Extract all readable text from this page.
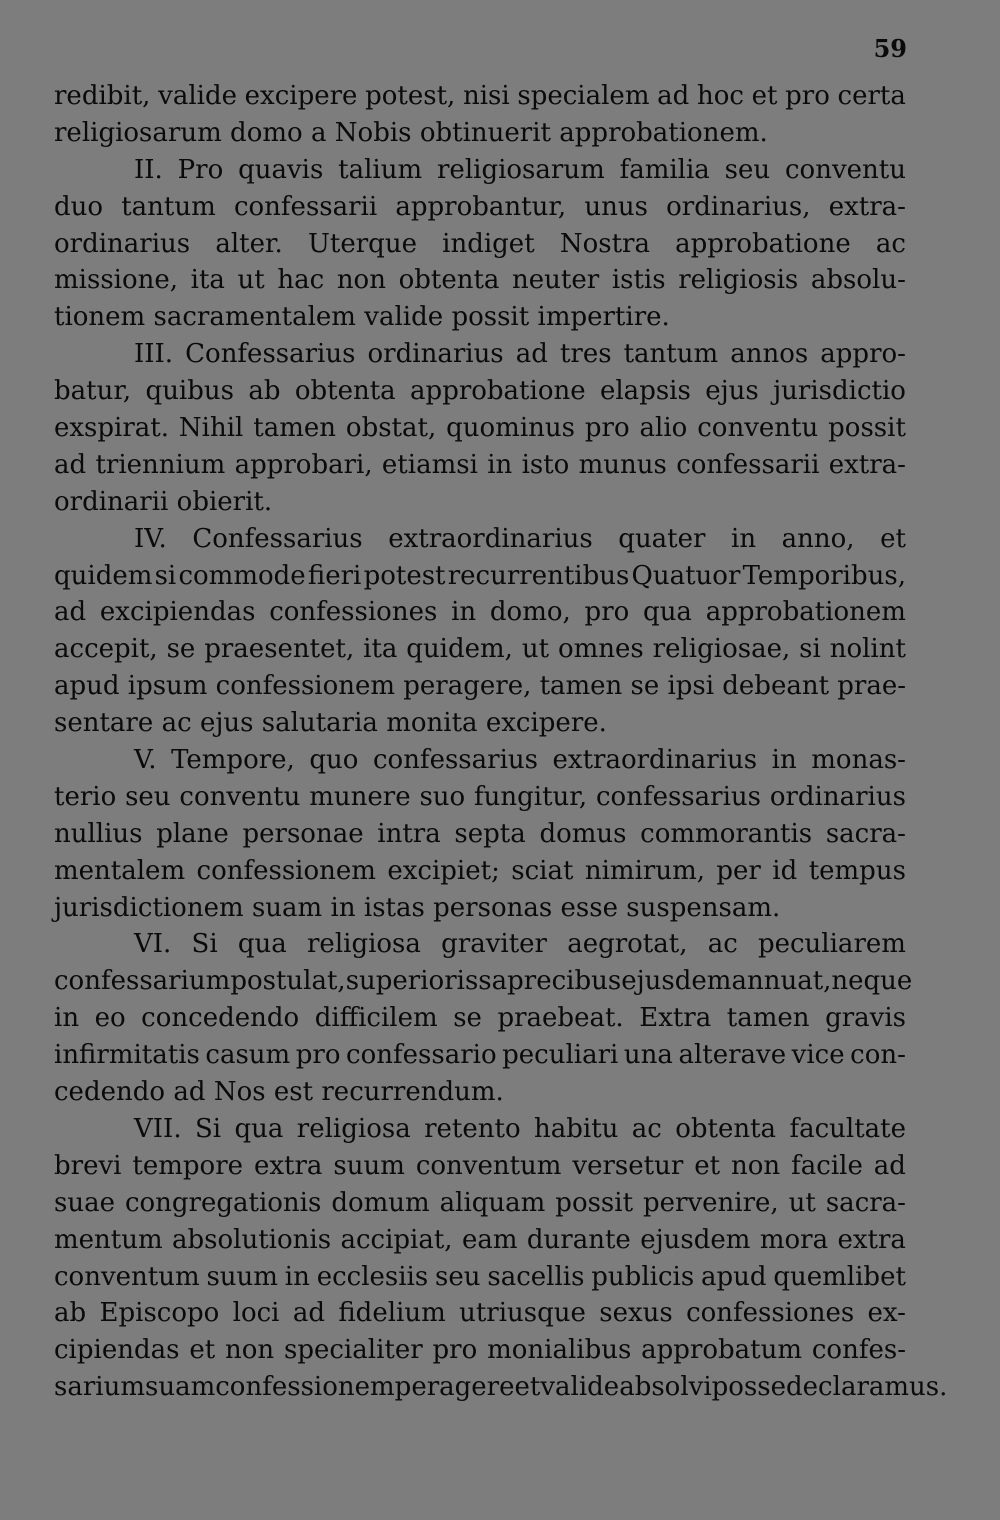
59
redibit, valide excipere potest, nisi specialem ad hoc et pro certa
religiosarum domo a Nobis obtinuerit approbationem.
II. Pro quavis talium religiosarum familia seu conventu
duo tantum confessarii approbantur, unus ordinarius, extra-
ordinarius alter. Uterque indiget Nostra approbatione ac
missione, ita ut hac non obtenta neuter istis religiosis absolu-
tionem sacramentalem valide possit impertire.
III. Confessarius ordinarius ad tres tantum annos appro-
batur, quibus ab obtenta approbatione elapsis ejus jurisdictio
exspirat. Nihil tamen obstat, quominus pro alio conventu possit
ad triennium approbari, etiamsi in isto munus confessarii extra-
ordinarii obierit.
IV. Confessarius extraordinarius quater in anno, et
quidem si commode fieri potest recurrentibus Quatuor Temporibus,
ad excipiendas confessiones in domo, pro qua approbationem
accepit, se praesentet, ita quidem, ut omnes religiosae, si nolint
apud ipsum confessionem peragere, tamen se ipsi debeant prae-
sentare ac ejus salutaria monita excipere.
V. Tempore, quo confessarius extraordinarius in monas-
terio seu conventu munere suo fungitur, confessarius ordinarius
nullius plane personae intra septa domus commorantis sacra-
mentalem confessionem excipiet; sciat nimirum, per id tempus
jurisdictionem suam in istas personas esse suspensam.
VI. Si qua religiosa graviter aegrotat, ac peculiarem
confessarium postulat, superiorissa precibus ejusdem annuat, neque
in eo concedendo difficilem se praebeat. Extra tamen gravis
infirmitatis casum pro confessario peculiari una alterave vice con-
cedendo ad Nos est recurrendum.
VII. Si qua religiosa retento habitu ac obtenta facultate
brevi tempore extra suum conventum versetur et non facile ad
suae congregationis domum aliquam possit pervenire, ut sacra-
mentum absolutionis accipiat, eam durante ejusdem mora extra
conventum suum in ecclesiis seu sacellis publicis apud quemlibet
ab Episcopo loci ad fidelium utriusque sexus confessiones ex-
cipiendas et non specialiter pro monialibus approbatum confes-
sarium suam confessionem peragere et valide absolvi posse declaramus.
